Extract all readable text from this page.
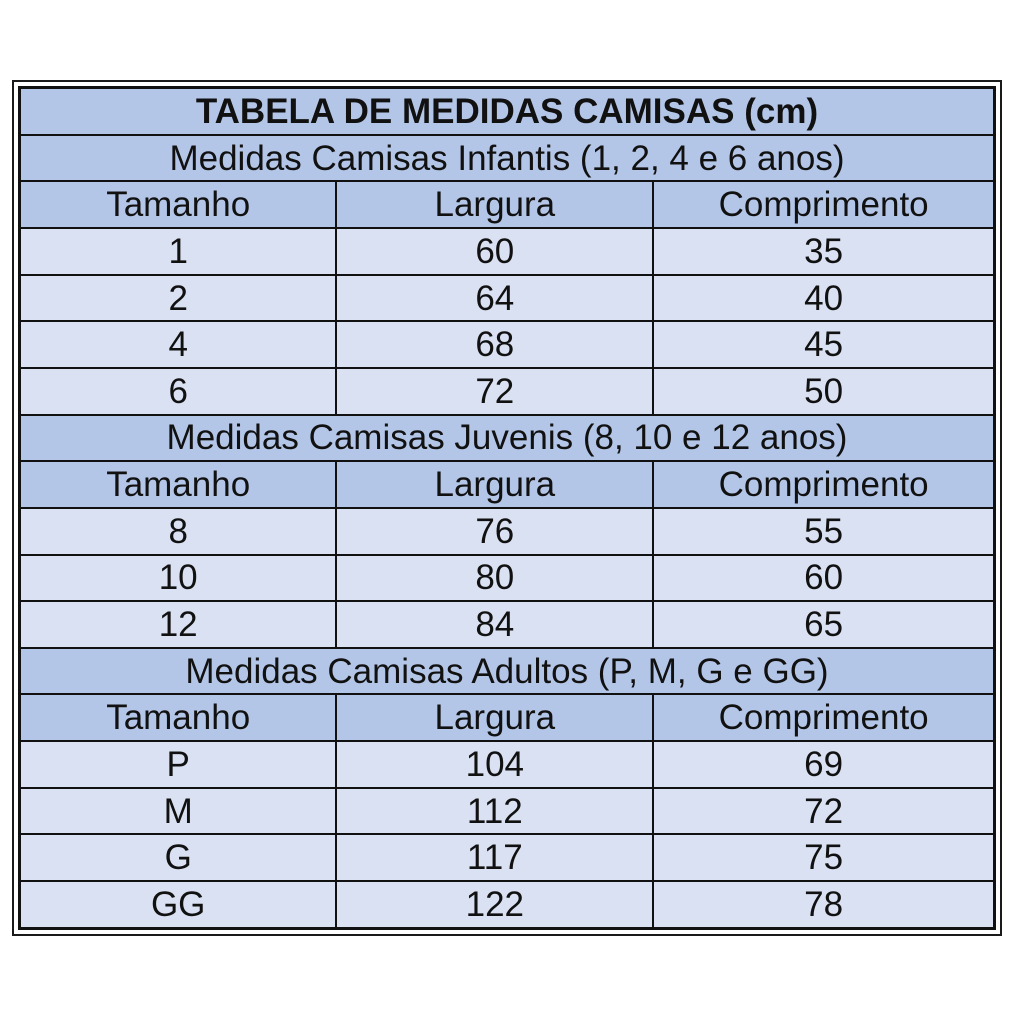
TABELA DE MEDIDAS CAMISAS (cm)		
Medidas Camisas Infantis (1, 2, 4 e 6 anos)		
Tamanho	Largura	Comprimento
1	60	35
2	64	40
4	68	45
6	72	50
Medidas Camisas Juvenis (8, 10 e 12 anos)		
Tamanho	Largura	Comprimento
8	76	55
10	80	60
12	84	65
Medidas Camisas Adultos (P, M, G e GG)		
Tamanho	Largura	Comprimento
P	104	69
M	112	72
G	117	75
GG	122	78
